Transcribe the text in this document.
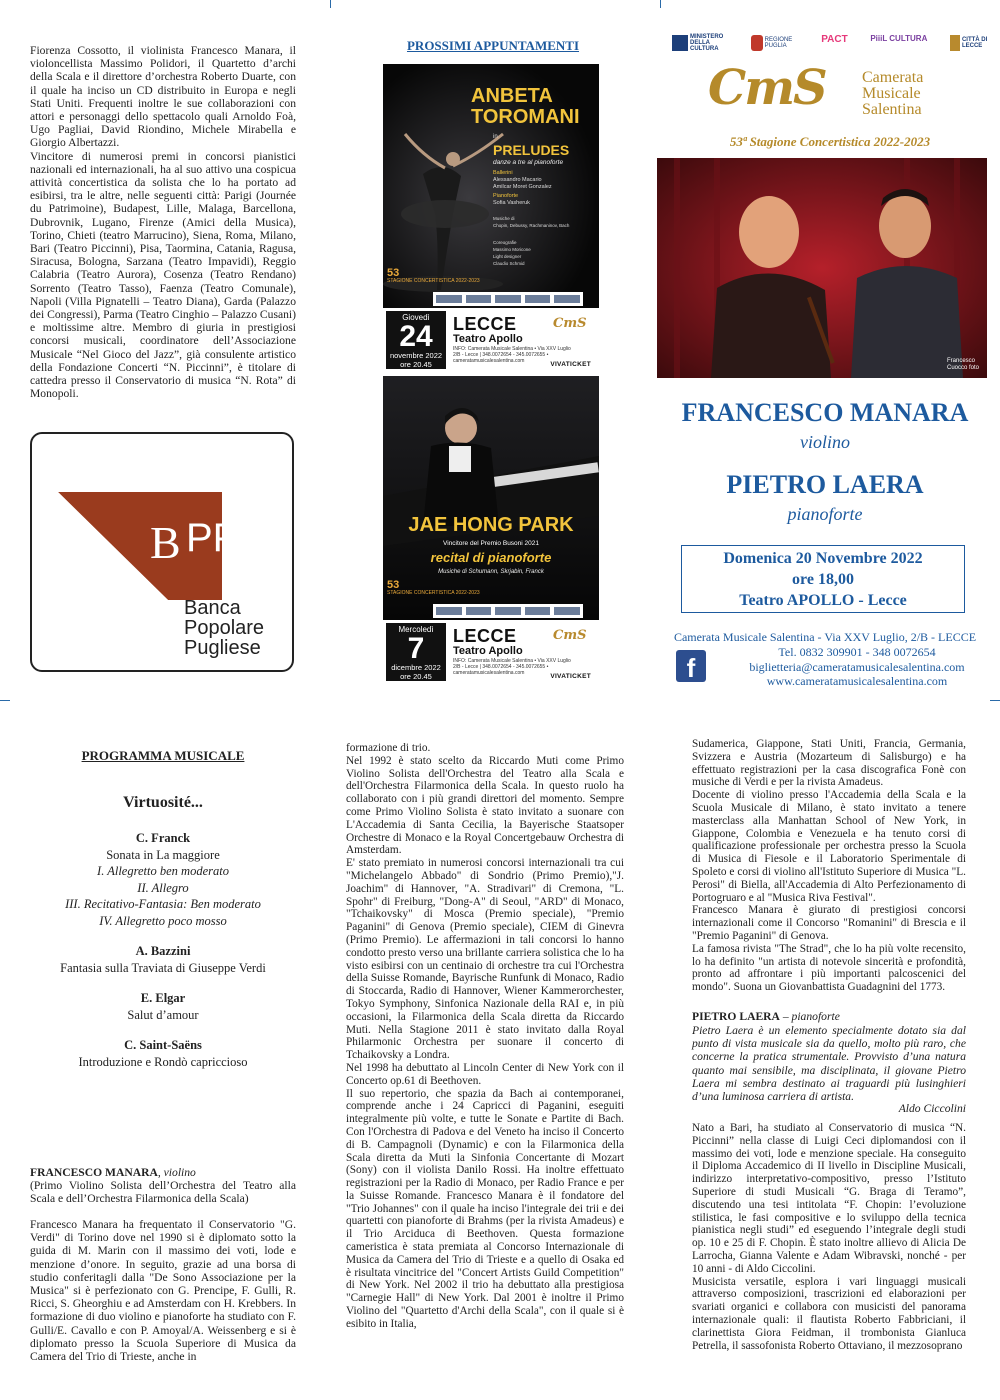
Fiorenza Cossotto, il violinista Francesco Manara, il violoncellista Massimo Polidori, il Quartetto d’archi della Scala e il direttore d’orchestra Roberto Duarte, con il quale ha inciso un CD distribuito in Europa e negli Stati Uniti. Frequenti inoltre le sue collaborazioni con attori e personaggi dello spettacolo quali Arnoldo Foà, Ugo Pagliai, David Riondino, Michele Mirabella e Giorgio Albertazzi.
Vincitore di numerosi premi in concorsi pianistici nazionali ed internazionali, ha al suo attivo una cospicua attività concertistica da solista che lo ha portato ad esibirsi, tra le altre, nelle seguenti città: Parigi (Journée du Patrimoine), Budapest, Lille, Malaga, Barcellona, Dubrovnik, Lugano, Firenze (Amici della Musica), Torino, Chieti (teatro Marrucino), Siena, Roma, Milano, Bari (Teatro Piccinni), Pisa, Taormina, Catania, Ragusa, Siracusa, Bologna, Sarzana (Teatro Impavidi), Reggio Calabria (Teatro Aurora), Cosenza (Teatro Rendano) Sorrento (Teatro Tasso), Faenza (Teatro Comunale), Napoli (Villa Pignatelli – Teatro Diana), Garda (Palazzo dei Congressi), Parma (Teatro Cinghio – Palazzo Cusani) e moltissime altre. Membro di giuria in prestigiosi concorsi musicali, coordinatore dell’Associazione Musicale “Nel Gioco del Jazz”, già consulente artistico della Fondazione Concerti “N. Piccinni”, è titolare di cattedra presso il Conservatorio di musica “N. Rota” di Monopoli.
B PP
Banca
Popolare
Pugliese
PROSSIMI APPUNTAMENTI
ANBETA
TOROMANI
in
PRELUDES
danze a tre al pianoforte
Ballerini
Alessandro Macario
Amilcar Moret Gonzalez
Pianoforte
Sofia Vasheruk
Musiche di
Chopin, Debussy, Rachmaninov, Bach
Coreografie
Massimo Moricone
Light designer
Claudio Schmid
53
STAGIONE CONCERTISTICA 2022-2023
Giovedì
24
novembre 2022
ore 20.45
LECCE
Teatro Apollo
INFO: Camerata Musicale Salentina • Via XXV Luglio 2/B - Lecce | 348.0072654 - 345.0072655 • cameratamusicalesalentina.com
CmS
VIVATICKET
JAE HONG PARK
Vincitore del Premio Busoni 2021
recital di pianoforte
Musiche di Schumann, Skrjabin, Franck
53
STAGIONE CONCERTISTICA 2022-2023
Mercoledì
7
dicembre 2022
ore 20.45
LECCE
Teatro Apollo
INFO: Camerata Musicale Salentina • Via XXV Luglio 2/B - Lecce | 348.0072654 - 345.0072655 • cameratamusicalesalentina.com
CmS
VIVATICKET
MINISTERO DELLA CULTURA
REGIONE PUGLIA
PACT	PiiiL CULTURA	CITTÀ DI LECCE
CmS Camerata
Musicale
Salentina
53ª Stagione Concertistica 2022-2023
Francesco Cuocco foto
FRANCESCO MANARA
violino
PIETRO LAERA
pianoforte
Domenica 20 Novembre 2022
ore 18,00
Teatro APOLLO - Lecce
Camerata Musicale Salentina - Via XXV Luglio, 2/B - LECCE
f
Tel. 0832 309901 - 348 0072654
biglietteria@cameratamusicalesalentina.com
www.cameratamusicalesalentina.com
PROGRAMMA MUSICALE
Virtuosité...
C. Franck
Sonata in La maggiore
I. Allegretto ben moderato
II. Allegro
III. Recitativo-Fantasia: Ben moderato
IV. Allegretto poco mosso
A. Bazzini
Fantasia sulla Traviata di Giuseppe Verdi
E. Elgar
Salut d’amour
C. Saint-Saëns
Introduzione e Rondò capriccioso
FRANCESCO MANARA, violino
(Primo Violino Solista dell’Orchestra del Teatro alla Scala e dell’Orchestra Filarmonica della Scala)
Francesco Manara ha frequentato il Conservatorio "G. Verdi" di Torino dove nel 1990 si è diplomato sotto la guida di M. Marin con il massimo dei voti, lode e menzione d’onore. In seguito, grazie ad una borsa di studio conferitagli dalla "De Sono Associazione per la Musica" si è perfezionato con G. Prencipe, F. Gulli, R. Ricci, S. Gheorghiu e ad Amsterdam con H. Krebbers. In formazione di duo violino e pianoforte ha studiato con F. Gulli/E. Cavallo e con P. Amoyal/A. Weissenberg e si è diplomato presso la Scuola Superiore di Musica da Camera del Trio di Trieste, anche in
formazione di trio.
Nel 1992 è stato scelto da Riccardo Muti come Primo Violino Solista dell'Orchestra del Teatro alla Scala e dell'Orchestra Filarmonica della Scala. In questo ruolo ha collaborato con i più grandi direttori del momento. Sempre come Primo Violino Solista è stato invitato a suonare con L'Accademia di Santa Cecilia, la Bayerische Staatsoper Orchestre di Monaco e la Royal Concertgebauw Orchestra di Amsterdam.
E' stato premiato in numerosi concorsi internazionali tra cui "Michelangelo Abbado" di Sondrio (Primo Premio),"J. Joachim" di Hannover, "A. Stradivari" di Cremona, "L. Spohr" di Freiburg, "Dong-A" di Seoul, "ARD" di Monaco, "Tchaikovsky" di Mosca (Premio speciale), "Premio Paganini" di Genova (Premio speciale), CIEM di Ginevra (Primo Premio). Le affermazioni in tali concorsi lo hanno condotto presto verso una brillante carriera solistica che lo ha visto esibirsi con un centinaio di orchestre tra cui l'Orchestra della Suisse Romande, Bayrische Runfunk di Monaco, Radio di Stoccarda, Radio di Hannover, Wiener Kammerorchester, Tokyo Symphony, Sinfonica Nazionale della RAI e, in più occasioni, la Filarmonica della Scala diretta da Riccardo Muti. Nella Stagione 2011 è stato invitato dalla Royal Philarmonic Orchestra per suonare il concerto di Tchaikovsky a Londra.
Nel 1998 ha debuttato al Lincoln Center di New York con il Concerto op.61 di Beethoven.
Il suo repertorio, che spazia da Bach ai contemporanei, comprende anche i 24 Capricci di Paganini, eseguiti integralmente più volte, e tutte le Sonate e Partite di Bach. Con l'Orchestra di Padova e del Veneto ha inciso il Concerto di B. Campagnoli (Dynamic) e con la Filarmonica della Scala diretta da Muti la Sinfonia Concertante di Mozart (Sony) con il violista Danilo Rossi. Ha inoltre effettuato registrazioni per la Radio di Monaco, per Radio France e per la Suisse Romande. Francesco Manara è il fondatore del "Trio Johannes" con il quale ha inciso l'integrale dei trii e dei quartetti con pianoforte di Brahms (per la rivista Amadeus) e il Trio Arciduca di Beethoven. Questa formazione cameristica è stata premiata al Concorso Internazionale di Musica da Camera del Trio di Trieste e a quello di Osaka ed è risultata vincitrice del "Concert Artists Guild Competition" di New York. Nel 2002 il trio ha debuttato alla prestigiosa "Carnegie Hall" di New York. Dal 2001 è inoltre il Primo Violino del "Quartetto d'Archi della Scala", con il quale si è esibito in Italia,
Sudamerica, Giappone, Stati Uniti, Francia, Germania, Svizzera e Austria (Mozarteum di Salisburgo) e ha effettuato registrazioni per la casa discografica Fonè con musiche di Verdi e per la rivista Amadeus.
Docente di violino presso l'Accademia della Scala e la Scuola Musicale di Milano, è stato invitato a tenere masterclass alla Manhattan School of New York, in Giappone, Colombia e Venezuela e ha tenuto corsi di qualificazione professionale per orchestra presso la Scuola di Musica di Fiesole e il Laboratorio Sperimentale di Spoleto e corsi di violino all'Istituto Superiore di Musica "L. Perosi" di Biella, all'Accademia di Alto Perfezionamento di Portogruaro e al "Musica Riva Festival".
Francesco Manara è giurato di prestigiosi concorsi internazionali come il Concorso "Romanini" di Brescia e il "Premio Paganini" di Genova.
La famosa rivista "The Strad", che lo ha più volte recensito, lo ha definito "un artista di notevole sincerità e profondità, pronto ad affrontare i più importanti palcoscenici del mondo". Suona un Giovanbattista Guadagnini del 1773.
PIETRO LAERA – pianoforte
Pietro Laera è un elemento specialmente dotato sia dal punto di vista musicale sia da quello, molto più raro, che concerne la pratica strumentale. Provvisto d’una natura quanto mai sensibile, ma disciplinata, il giovane Pietro Laera mi sembra destinato ai traguardi più lusinghieri d’una luminosa carriera di artista.
Aldo Ciccolini
Nato a Bari, ha studiato al Conservatorio di musica “N. Piccinni” nella classe di Luigi Ceci diplomandosi con il massimo dei voti, lode e menzione speciale. Ha conseguito il Diploma Accademico di II livello in Discipline Musicali, indirizzo interpretativo-compositivo, presso l’Istituto Superiore di studi Musicali “G. Braga di Teramo”, discutendo una tesi intitolata “F. Chopin: l’evoluzione stilistica, le fasi compositive e lo sviluppo della tecnica pianistica negli studi” ed eseguendo l’integrale degli studi op. 10 e 25 di F. Chopin. È stato inoltre allievo di Alicia De Larrocha, Gianna Valente e Adam Wibravski, nonché - per 10 anni - di Aldo Ciccolini.
Musicista versatile, esplora i vari linguaggi musicali attraverso composizioni, trascrizioni ed elaborazioni per svariati organici e collabora con musicisti del panorama internazionale quali: il flautista Roberto Fabbriciani, il clarinettista Giora Feidman, il trombonista Gianluca Petrella, il sassofonista Roberto Ottaviano, il mezzosoprano
